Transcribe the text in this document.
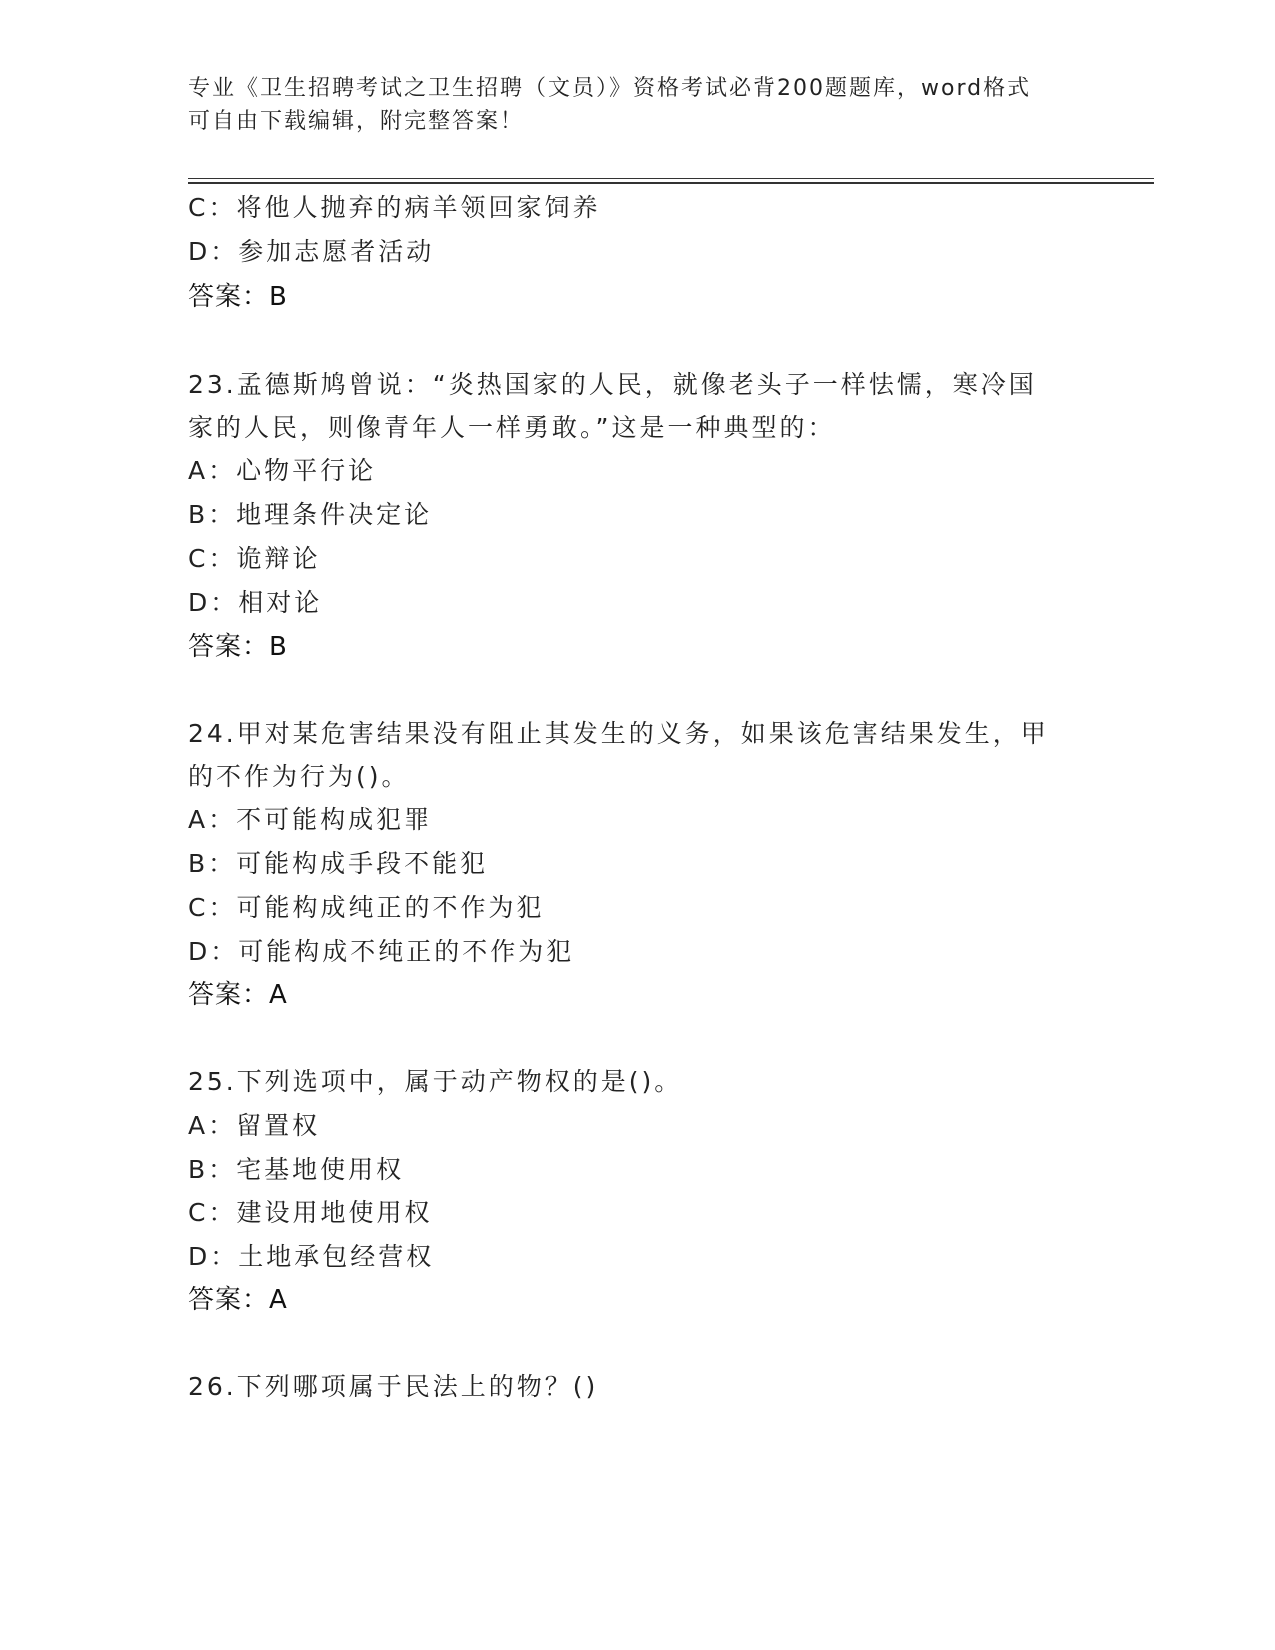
专业《卫生招聘考试之卫生招聘（文员）》资格考试必背200题题库，word格式
可自由下载编辑，附完整答案！
C：将他人抛弃的病羊领回家饲养
D：参加志愿者活动
答案：B
23.孟德斯鸠曾说：“炎热国家的人民，就像老头子一样怯懦，寒冷国
家的人民，则像青年人一样勇敢。”这是一种典型的：
A：心物平行论
B：地理条件决定论
C：诡辩论
D：相对论
答案：B
24.甲对某危害结果没有阻止其发生的义务，如果该危害结果发生，甲
的不作为行为()。
A：不可能构成犯罪
B：可能构成手段不能犯
C：可能构成纯正的不作为犯
D：可能构成不纯正的不作为犯
答案：A
25.下列选项中，属于动产物权的是()。
A：留置权
B：宅基地使用权
C：建设用地使用权
D：土地承包经营权
答案：A
26.下列哪项属于民法上的物？()
